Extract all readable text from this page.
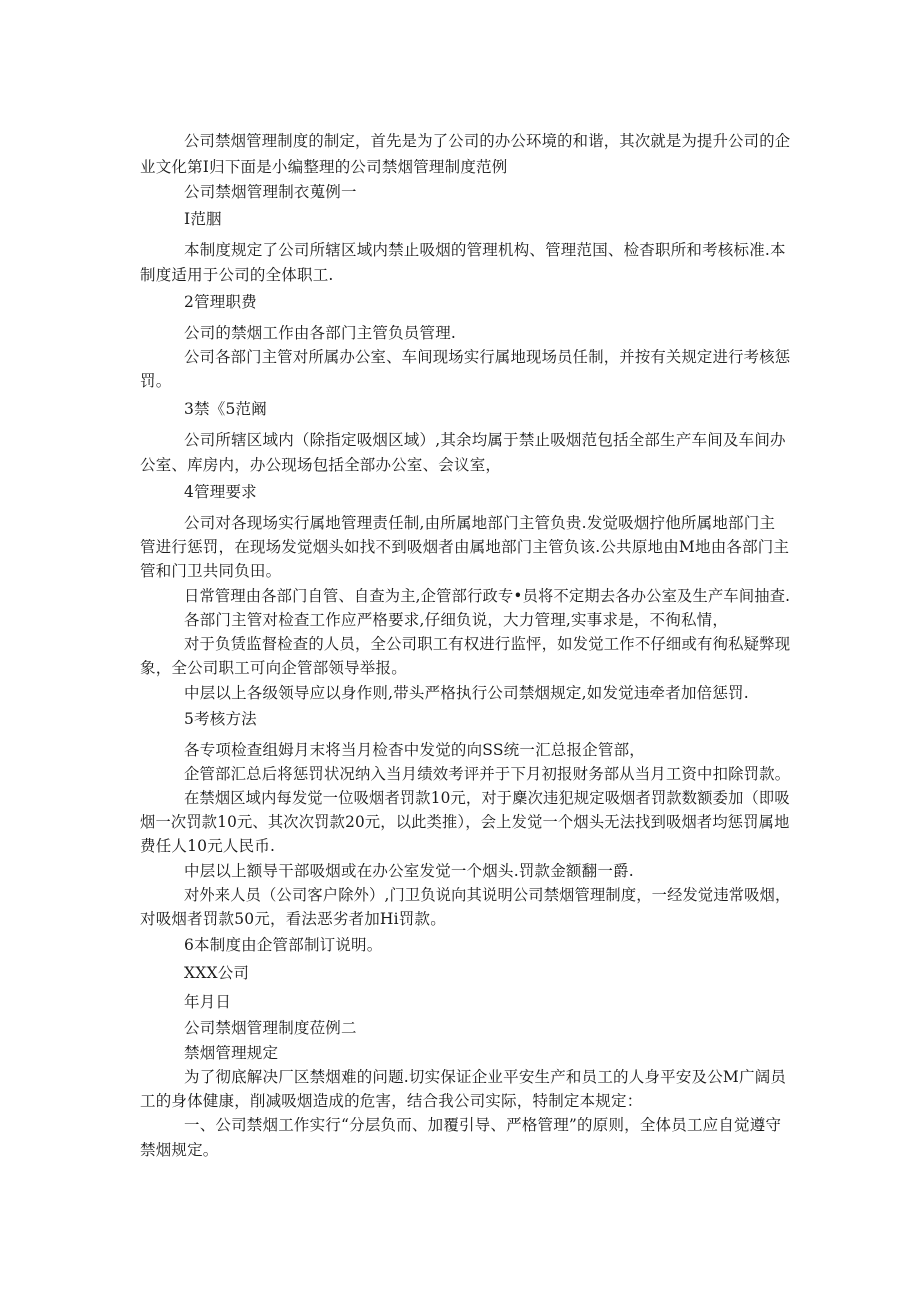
公司禁烟管理制度的制定，首先是为了公司的办公环境的和谐，其次就是为提升公司的企
业文化第I归下面是小编整理的公司禁烟管理制度范例
公司禁烟管理制衣蒐例一
I范胭
本制度规定了公司所辖区域内禁止吸烟的管理机构、管理范国、检杳职所和考核标准.本
制度适用于公司的全体职工.
2管理职费
公司的禁烟工作由各部门主管负员管理.
公司各部门主管对所属办公室、车间现场实行属地现场员任制，并按有关规定进行考核惩
罚。
3禁《5范阚
公司所辖区域内（除指定吸烟区域）,其余均属于禁止吸烟范包括全部生产车间及车间办
公室、库房内，办公现场包括全部办公室、会议室，
4管理要求
公司对各现场实行属地管理责任制,由所属地部门主管负贵.发觉吸烟拧他所属地部门主
管进行惩罚，在现场发觉烟头如找不到吸烟者由属地部门主管负该.公共原地由M地由各部门主
管和门卫共同负田。
日常管理由各部门自管、自查为主,企管部行政专•员将不定期去各办公室及生产车间抽查.
各部门主管对检查工作应严格要求,仔细负说，大力管理,实事求是，不徇私情，
对于负赁监督检查的人员，全公司职工有权进行监怦，如发觉工作不仔细或有徇私疑弊现
象，全公司职工可向企管部领导举报。
中层以上各级领导应以身作则,带头严格执行公司禁烟规定,如发觉违牵者加倍惩罚.
5考核方法
各专项检查组姆月末将当月检杳中发觉的向SS统一汇总报企管部，
企管部汇总后将惩罚状况纳入当月绩效考评并于下月初报财务部从当月工资中扣除罚款。
在禁烟区域内每发觉一位吸烟者罚款10元，对于麇次违犯规定吸烟者罚款数额委加（即吸
烟一次罚款10元、其次次罚款20元，以此类推），会上发觉一个烟头无法找到吸烟者均惩罚属地
费任人10元人民币.
中层以上额导干部吸烟或在办公室发觉一个烟头.罚款金额翻一爵.
对外来人员（公司客户除外）,门卫负说向其说明公司禁烟管理制度，一经发觉违常吸烟，
对吸烟者罚款50元，看法恶劣者加Hi罚款。
6本制度由企管部制订说明。
XXX公司
年月日
公司禁烟管理制度莅例二
禁烟管理规定
为了彻底解决厂区禁烟难的问题.切实保证企业平安生产和员工的人身平安及公M广阔员
工的身体健康，削减吸烟造成的危害，结合我公司实际，特制定本规定：
一、公司禁烟工作实行“分层负而、加覆引导、严格管理”的原则，全体员工应自觉遵守
禁烟规定。
